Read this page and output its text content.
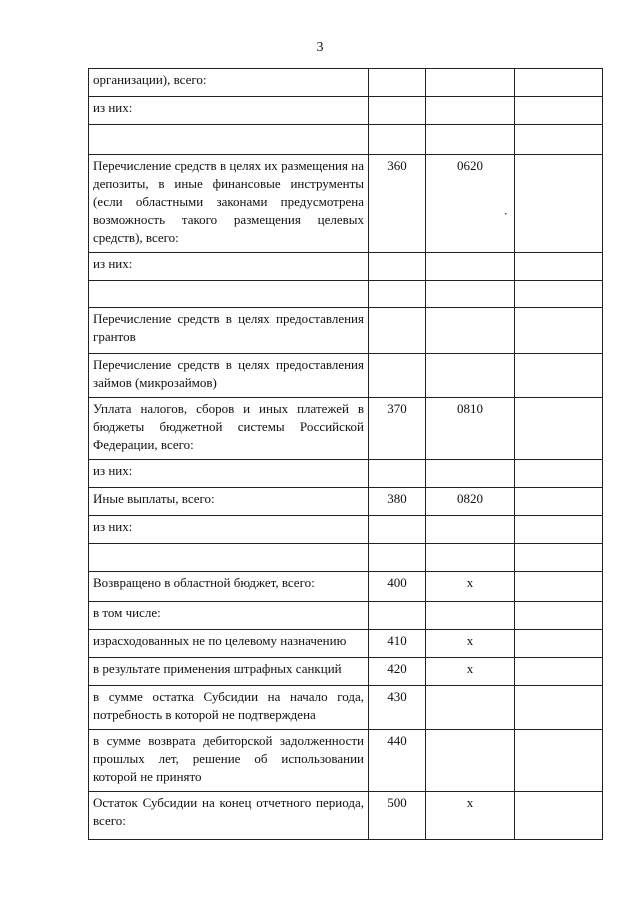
3
организации), всего:			
из них:			

Перечисление средств в целях их размещения на депозиты, в иные финансовые инструменты (если областными законами предусмотрена возможность такого размещения целевых средств), всего:	360	0620
·	

из них:			

Перечисление средств в целях предоставления грантов			
Перечисление средств в целях предоставления займов (микрозаймов)			
Уплата налогов, сборов и иных платежей в бюджеты бюджетной системы Российской Федерации, всего:	370	0810	
из них:			
Иные выплаты, всего:	380	0820	
из них:			

Возвращено в областной бюджет, всего:	400	x	
в том числе:			
израсходованных не по целевому назначению	410	x	
в результате применения штрафных санкций	420	x	
в сумме остатка Субсидии на начало года, потребность в которой не подтверждена	430		
в сумме возврата дебиторской задолженности прошлых лет, решение об использовании которой не принято	440		
Остаток Субсидии на конец отчетного периода, всего:	500	x	
